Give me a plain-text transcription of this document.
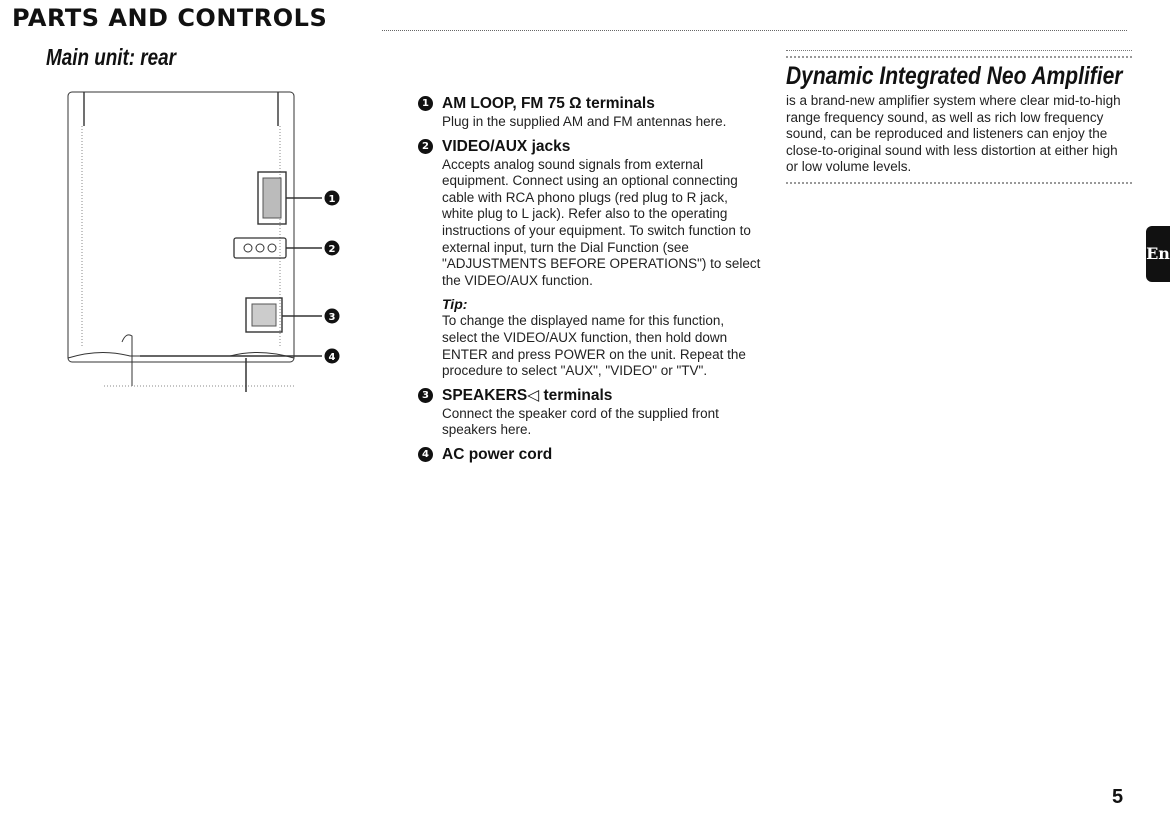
PARTS AND CONTROLS
Main unit: rear
1
2
3
4
1 AM LOOP, FM 75 Ω terminals

Plug in the supplied AM and FM antennas here.

2 VIDEO/AUX jacks

Accepts analog sound signals from external equipment. Connect using an optional connecting cable with RCA phono plugs (red plug to R jack, white plug to L jack). Refer also to the operating instructions of your equipment. To switch function to external input, turn the Dial Function (see "ADJUSTMENTS BEFORE OPERATIONS") to select the VIDEO/AUX function.

Tip:

To change the displayed name for this function, select the VIDEO/AUX function, then hold down ENTER and press POWER on the unit. Repeat the procedure to select "AUX", "VIDEO" or "TV".

3 SPEAKERS◁ terminals

Connect the speaker cord of the supplied front speakers here.

4 AC power cord
Dynamic Integrated Neo Amplifier

is a brand-new amplifier system where clear mid-to-high range frequency sound, as well as rich low frequency sound, can be reproduced and listeners can enjoy the close-to-original sound with less distortion at either high or low volume levels.

En
5
